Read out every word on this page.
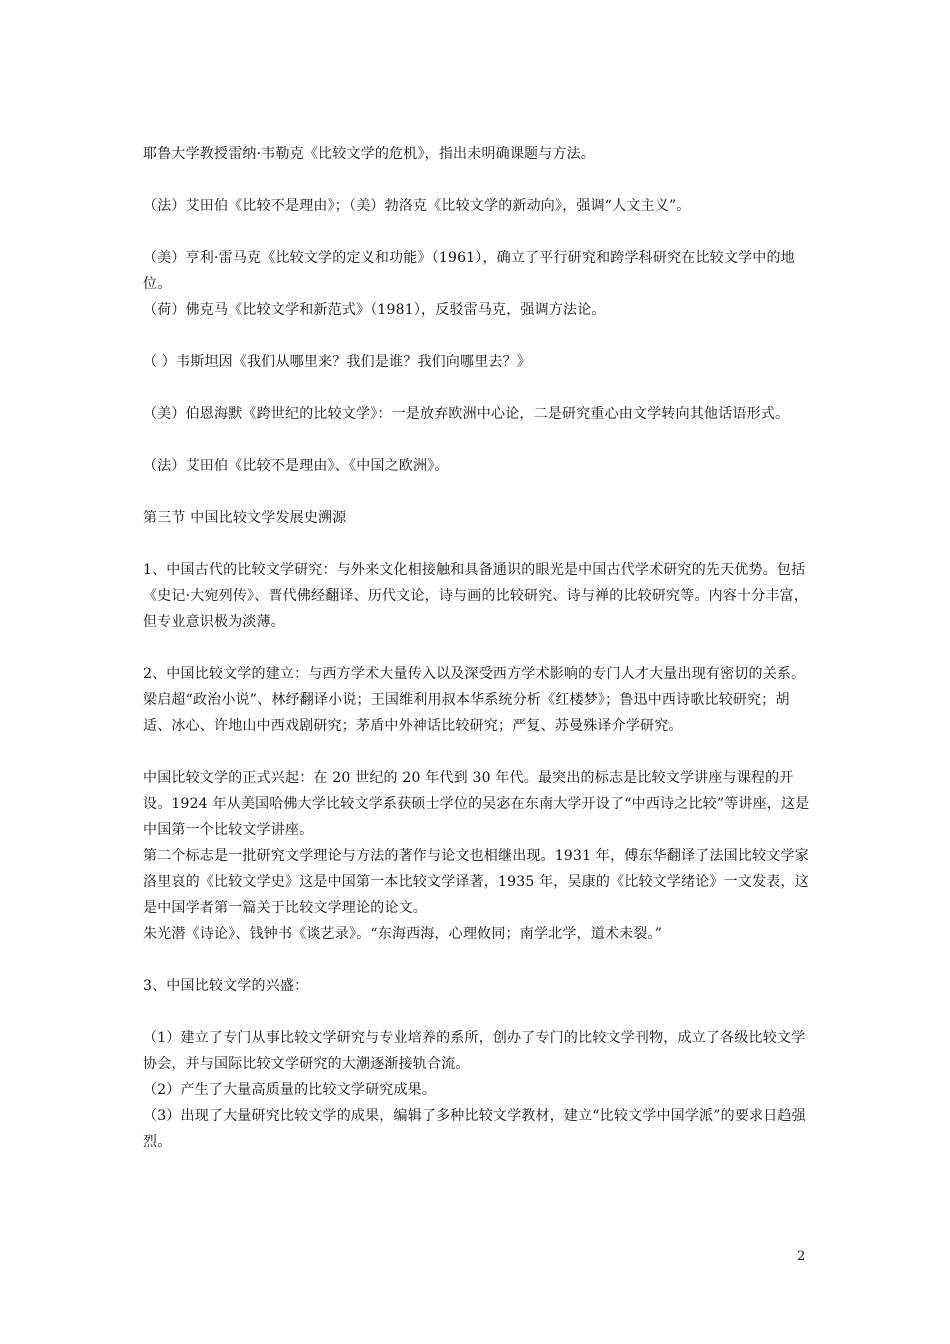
耶鲁大学教授雷纳·韦勒克《比较文学的危机》，指出未明确课题与方法。

（法）艾田伯《比较不是理由》；（美）勃洛克《比较文学的新动向》，强调“人文主义”。

（美）亨利·雷马克《比较文学的定义和功能》（1961），确立了平行研究和跨学科研究在比较文学中的地位。

（荷）佛克马《比较文学和新范式》（1981），反驳雷马克，强调方法论。

（ ）韦斯坦因《我们从哪里来？我们是谁？我们向哪里去？》

（美）伯恩海默《跨世纪的比较文学》：一是放弃欧洲中心论，二是研究重心由文学转向其他话语形式。

（法）艾田伯《比较不是理由》、《中国之欧洲》。

第三节 中国比较文学发展史溯源

1、中国古代的比较文学研究：与外来文化相接触和具备通识的眼光是中国古代学术研究的先天优势。包括《史记·大宛列传》、晋代佛经翻译、历代文论，诗与画的比较研究、诗与禅的比较研究等。内容十分丰富，但专业意识极为淡薄。

2、中国比较文学的建立：与西方学术大量传入以及深受西方学术影响的专门人才大量出现有密切的关系。梁启超“政治小说”、林纾翻译小说；王国维利用叔本华系统分析《红楼梦》；鲁迅中西诗歌比较研究；胡适、冰心、许地山中西戏剧研究；茅盾中外神话比较研究；严复、苏曼殊译介学研究。

中国比较文学的正式兴起：在 20 世纪的 20 年代到 30 年代。最突出的标志是比较文学讲座与课程的开设。1924 年从美国哈佛大学比较文学系获硕士学位的吴宓在东南大学开设了“中西诗之比较”等讲座，这是中国第一个比较文学讲座。

第二个标志是一批研究文学理论与方法的著作与论文也相继出现。1931 年，傅东华翻译了法国比较文学家洛里哀的《比较文学史》这是中国第一本比较文学译著，1935 年，吴康的《比较文学绪论》一文发表，这是中国学者第一篇关于比较文学理论的论文。

朱光潜《诗论》、钱钟书《谈艺录》。“东海西海，心理攸同；南学北学，道术未裂。”

3、中国比较文学的兴盛：

（1）建立了专门从事比较文学研究与专业培养的系所，创办了专门的比较文学刊物，成立了各级比较文学协会，并与国际比较文学研究的大潮逐渐接轨合流。

（2）产生了大量高质量的比较文学研究成果。

（3）出现了大量研究比较文学的成果，编辑了多种比较文学教材，建立“比较文学中国学派”的要求日趋强烈。

2
